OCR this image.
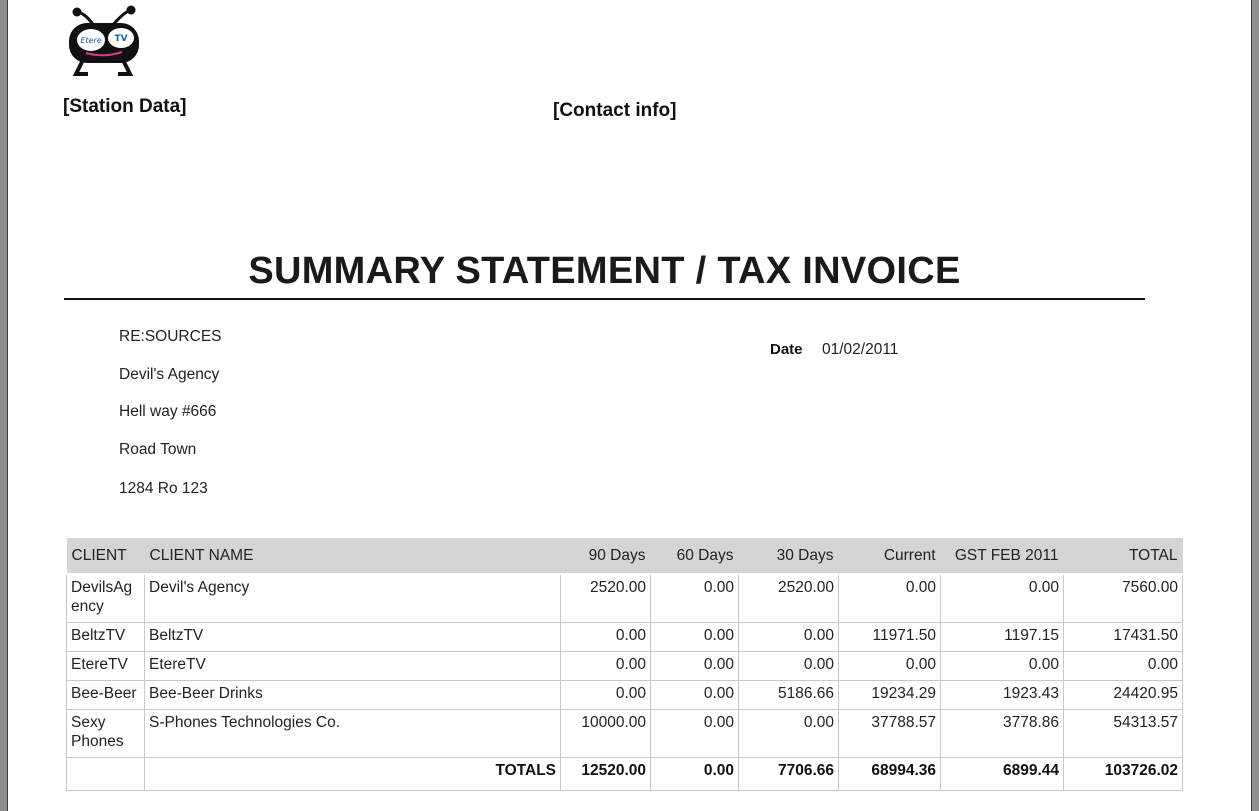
Etere TV
[Station Data]	[Contact info]
SUMMARY STATEMENT / TAX INVOICE
RE:SOURCES
Devil's Agency
Hell way #666
Road Town
1284 Ro 123
Date 01/02/2011
CLIENT	CLIENT NAME	90 Days	60 Days	30 Days	Current	GST FEB 2011	TOTAL
DevilsAgency	Devil's Agency	2520.00	0.00	2520.00	0.00	0.00	7560.00
BeltzTV	BeltzTV	0.00	0.00	0.00	11971.50	1197.15	17431.50
EtereTV	EtereTV	0.00	0.00	0.00	0.00	0.00	0.00
Bee-Beer	Bee-Beer Drinks	0.00	0.00	5186.66	19234.29	1923.43	24420.95
Sexy Phones	S-Phones Technologies Co.	10000.00	0.00	0.00	37788.57	3778.86	54313.57
	TOTALS	12520.00	0.00	7706.66	68994.36	6899.44	103726.02
